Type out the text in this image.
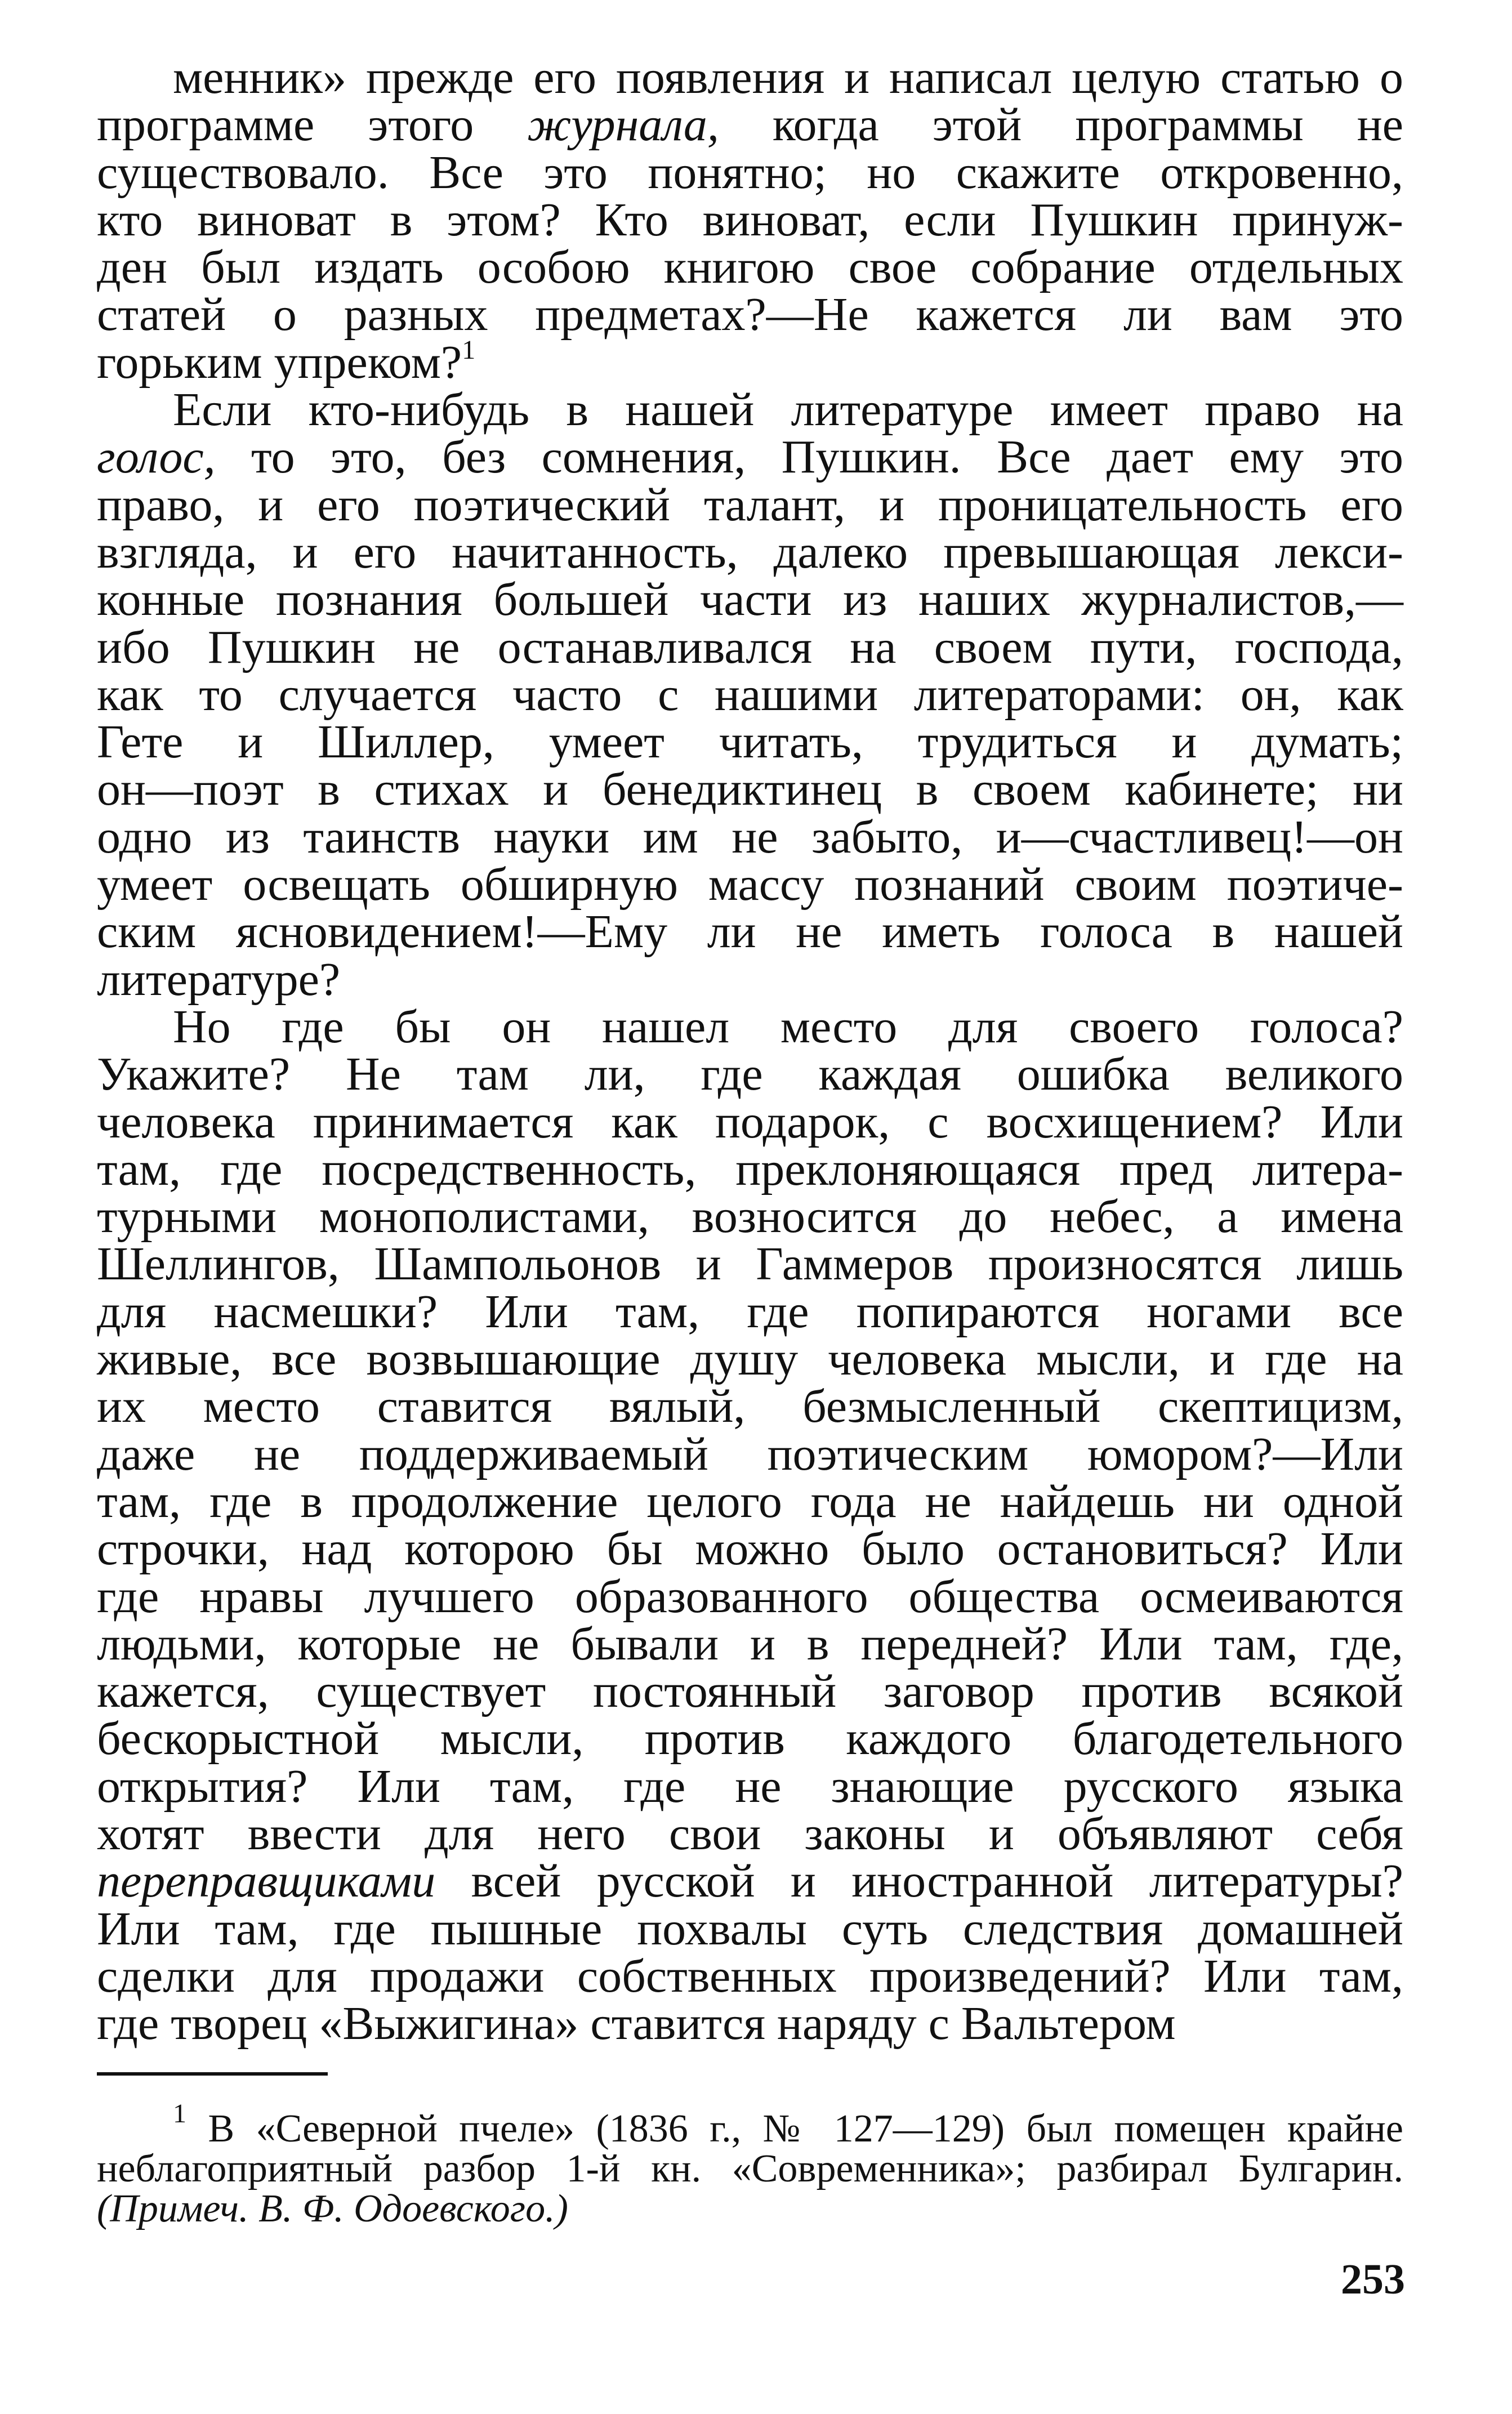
менник» прежде его появления и написал целую статью о
программе этого журнала, когда этой программы не
существовало. Все это понятно; но скажите откровенно,
кто виноват в этом? Кто виноват, если Пушкин принуж-
ден был издать особою книгою свое собрание отдельных
статей о разных предметах?—Не кажется ли вам это
горьким упреком?$^1$
Если кто-нибудь в нашей литературе имеет право на
голос, то это, без сомнения, Пушкин. Все дает ему это
право, и его поэтический талант, и проницательность его
взгляда, и его начитанность, далеко превышающая лекси-
конные познания большей части из наших журналистов,—
ибо Пушкин не останавливался на своем пути, господа,
как то случается часто с нашими литераторами: он, как
Гете и Шиллер, умеет читать, трудиться и думать;
он—поэт в стихах и бенедиктинец в своем кабинете; ни
одно из таинств науки им не забыто, и—счастливец!—он
умеет освещать обширную массу познаний своим поэтиче-
ским ясновидением!—Ему ли не иметь голоса в нашей
литературе?
Но где бы он нашел место для своего голоса?
Укажите? Не там ли, где каждая ошибка великого
человека принимается как подарок, с восхищением? Или
там, где посредственность, преклоняющаяся пред литера-
турными монополистами, возносится до небес, а имена
Шеллингов, Шампольонов и Гаммеров произносятся лишь
для насмешки? Или там, где попираются ногами все
живые, все возвышающие душу человека мысли, и где на
их место ставится вялый, безмысленный скептицизм,
даже не поддерживаемый поэтическим юмором?—Или
там, где в продолжение целого года не найдешь ни одной
строчки, над которою бы можно было остановиться? Или
где нравы лучшего образованного общества осмеиваются
людьми, которые не бывали и в передней? Или там, где,
кажется, существует постоянный заговор против всякой
бескорыстной мысли, против каждого благодетельного
открытия? Или там, где не знающие русского языка
хотят ввести для него свои законы и объявляют себя
переправщиками всей русской и иностранной литературы?
Или там, где пышные похвалы суть следствия домашней
сделки для продажи собственных произведений? Или там,
где творец «Выжигина» ставится наряду с Вальтером
$^1$ В «Северной пчеле» (1836 г., № 127—129) был помещен крайне
неблагоприятный разбор 1-й кн. «Современника»; разбирал Булгарин.
(Примеч. В. Ф. Одоевского.)
253
